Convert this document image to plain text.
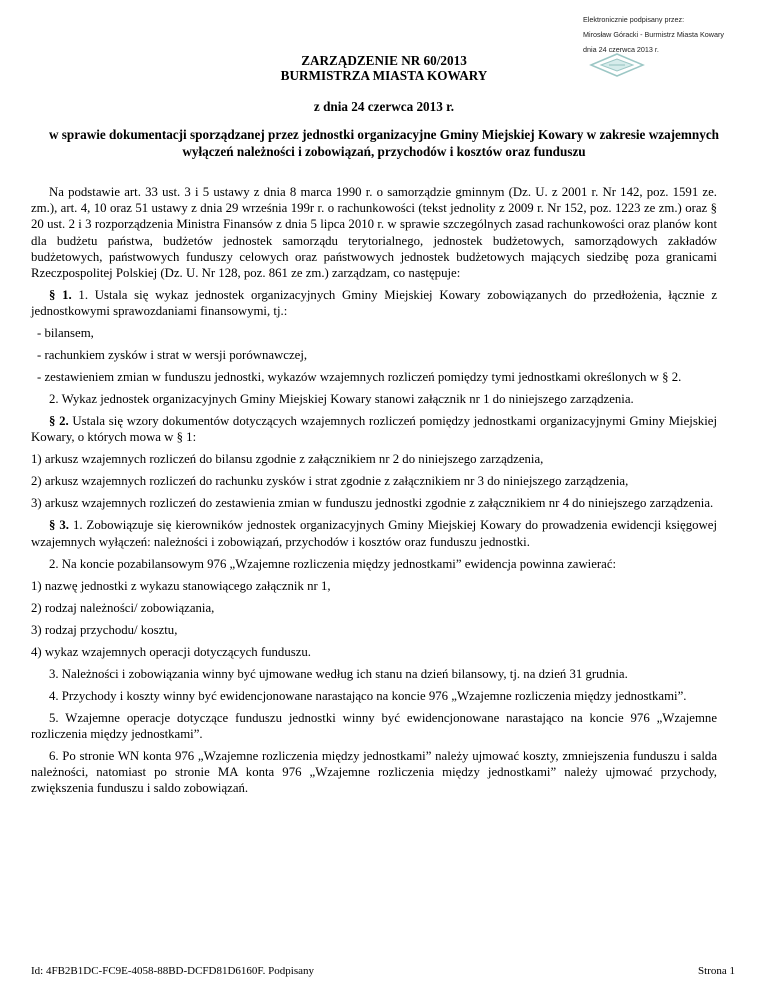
Elektronicznie podpisany przez:
Mirosław Góracki - Burmistrz Miasta Kowary
dnia 24 czerwca 2013 r.
ZARZĄDZENIE NR 60/2013
BURMISTRZA MIASTA KOWARY
z dnia 24 czerwca 2013 r.
w sprawie dokumentacji sporządzanej przez jednostki organizacyjne Gminy Miejskiej Kowary w zakresie wzajemnych wyłączeń należności i zobowiązań, przychodów i kosztów oraz funduszu

Na podstawie art. 33 ust. 3 i 5 ustawy z dnia 8 marca 1990 r. o samorządzie gminnym (Dz. U. z 2001 r. Nr 142, poz. 1591 ze. zm.), art. 4, 10 oraz 51 ustawy z dnia 29 września 199r r. o rachunkowości (tekst jednolity z 2009 r. Nr 152, poz. 1223 ze zm.) oraz § 20 ust. 2 i 3 rozporządzenia Ministra Finansów z dnia 5 lipca 2010 r. w sprawie szczególnych zasad rachunkowości oraz planów kont dla budżetu państwa, budżetów jednostek samorządu terytorialnego, jednostek budżetowych, samorządowych zakładów budżetowych, państwowych funduszy celowych oraz państwowych jednostek budżetowych mających siedzibę poza granicami Rzeczpospolitej Polskiej (Dz. U. Nr 128, poz. 861 ze zm.) zarządzam, co następuje:

§ 1. 1. Ustala się wykaz jednostek organizacyjnych Gminy Miejskiej Kowary zobowiązanych do przedłożenia, łącznie z jednostkowymi sprawozdaniami finansowymi, tj.:

- bilansem,

- rachunkiem zysków i strat w wersji porównawczej,

- zestawieniem zmian w funduszu jednostki, wykazów wzajemnych rozliczeń pomiędzy tymi jednostkami określonych w § 2.

2. Wykaz jednostek organizacyjnych Gminy Miejskiej Kowary stanowi załącznik nr 1 do niniejszego zarządzenia.

§ 2. Ustala się wzory dokumentów dotyczących wzajemnych rozliczeń pomiędzy jednostkami organizacyjnymi Gminy Miejskiej Kowary, o których mowa w § 1:

1) arkusz wzajemnych rozliczeń do bilansu zgodnie z załącznikiem nr 2 do niniejszego zarządzenia,

2) arkusz wzajemnych rozliczeń do rachunku zysków i strat zgodnie z załącznikiem nr 3 do niniejszego zarządzenia,

3) arkusz wzajemnych rozliczeń do zestawienia zmian w funduszu jednostki zgodnie z załącznikiem nr 4 do niniejszego zarządzenia.

§ 3. 1. Zobowiązuje się kierowników jednostek organizacyjnych Gminy Miejskiej Kowary do prowadzenia ewidencji księgowej wzajemnych wyłączeń: należności i zobowiązań, przychodów i kosztów oraz funduszu jednostki.

2. Na koncie pozabilansowym 976 „Wzajemne rozliczenia między jednostkami” ewidencja powinna zawierać:

1) nazwę jednostki z wykazu stanowiącego załącznik nr 1,

2) rodzaj należności/ zobowiązania,

3) rodzaj przychodu/ kosztu,

4) wykaz wzajemnych operacji dotyczących funduszu.

3. Należności i zobowiązania winny być ujmowane według ich stanu na dzień bilansowy, tj. na dzień 31 grudnia.

4. Przychody i koszty winny być ewidencjonowane narastająco na koncie 976 „Wzajemne rozliczenia między jednostkami”.

5. Wzajemne operacje dotyczące funduszu jednostki winny być ewidencjonowane narastająco na koncie 976 „Wzajemne rozliczenia między jednostkami”.

6. Po stronie WN konta 976 „Wzajemne rozliczenia między jednostkami” należy ujmować koszty, zmniejszenia funduszu i salda należności, natomiast po stronie MA konta 976 „Wzajemne rozliczenia między jednostkami” należy ujmować przychody, zwiększenia funduszu i saldo zobowiązań.

Id: 4FB2B1DC-FC9E-4058-88BD-DCFD81D6160F. Podpisany	Strona 1
